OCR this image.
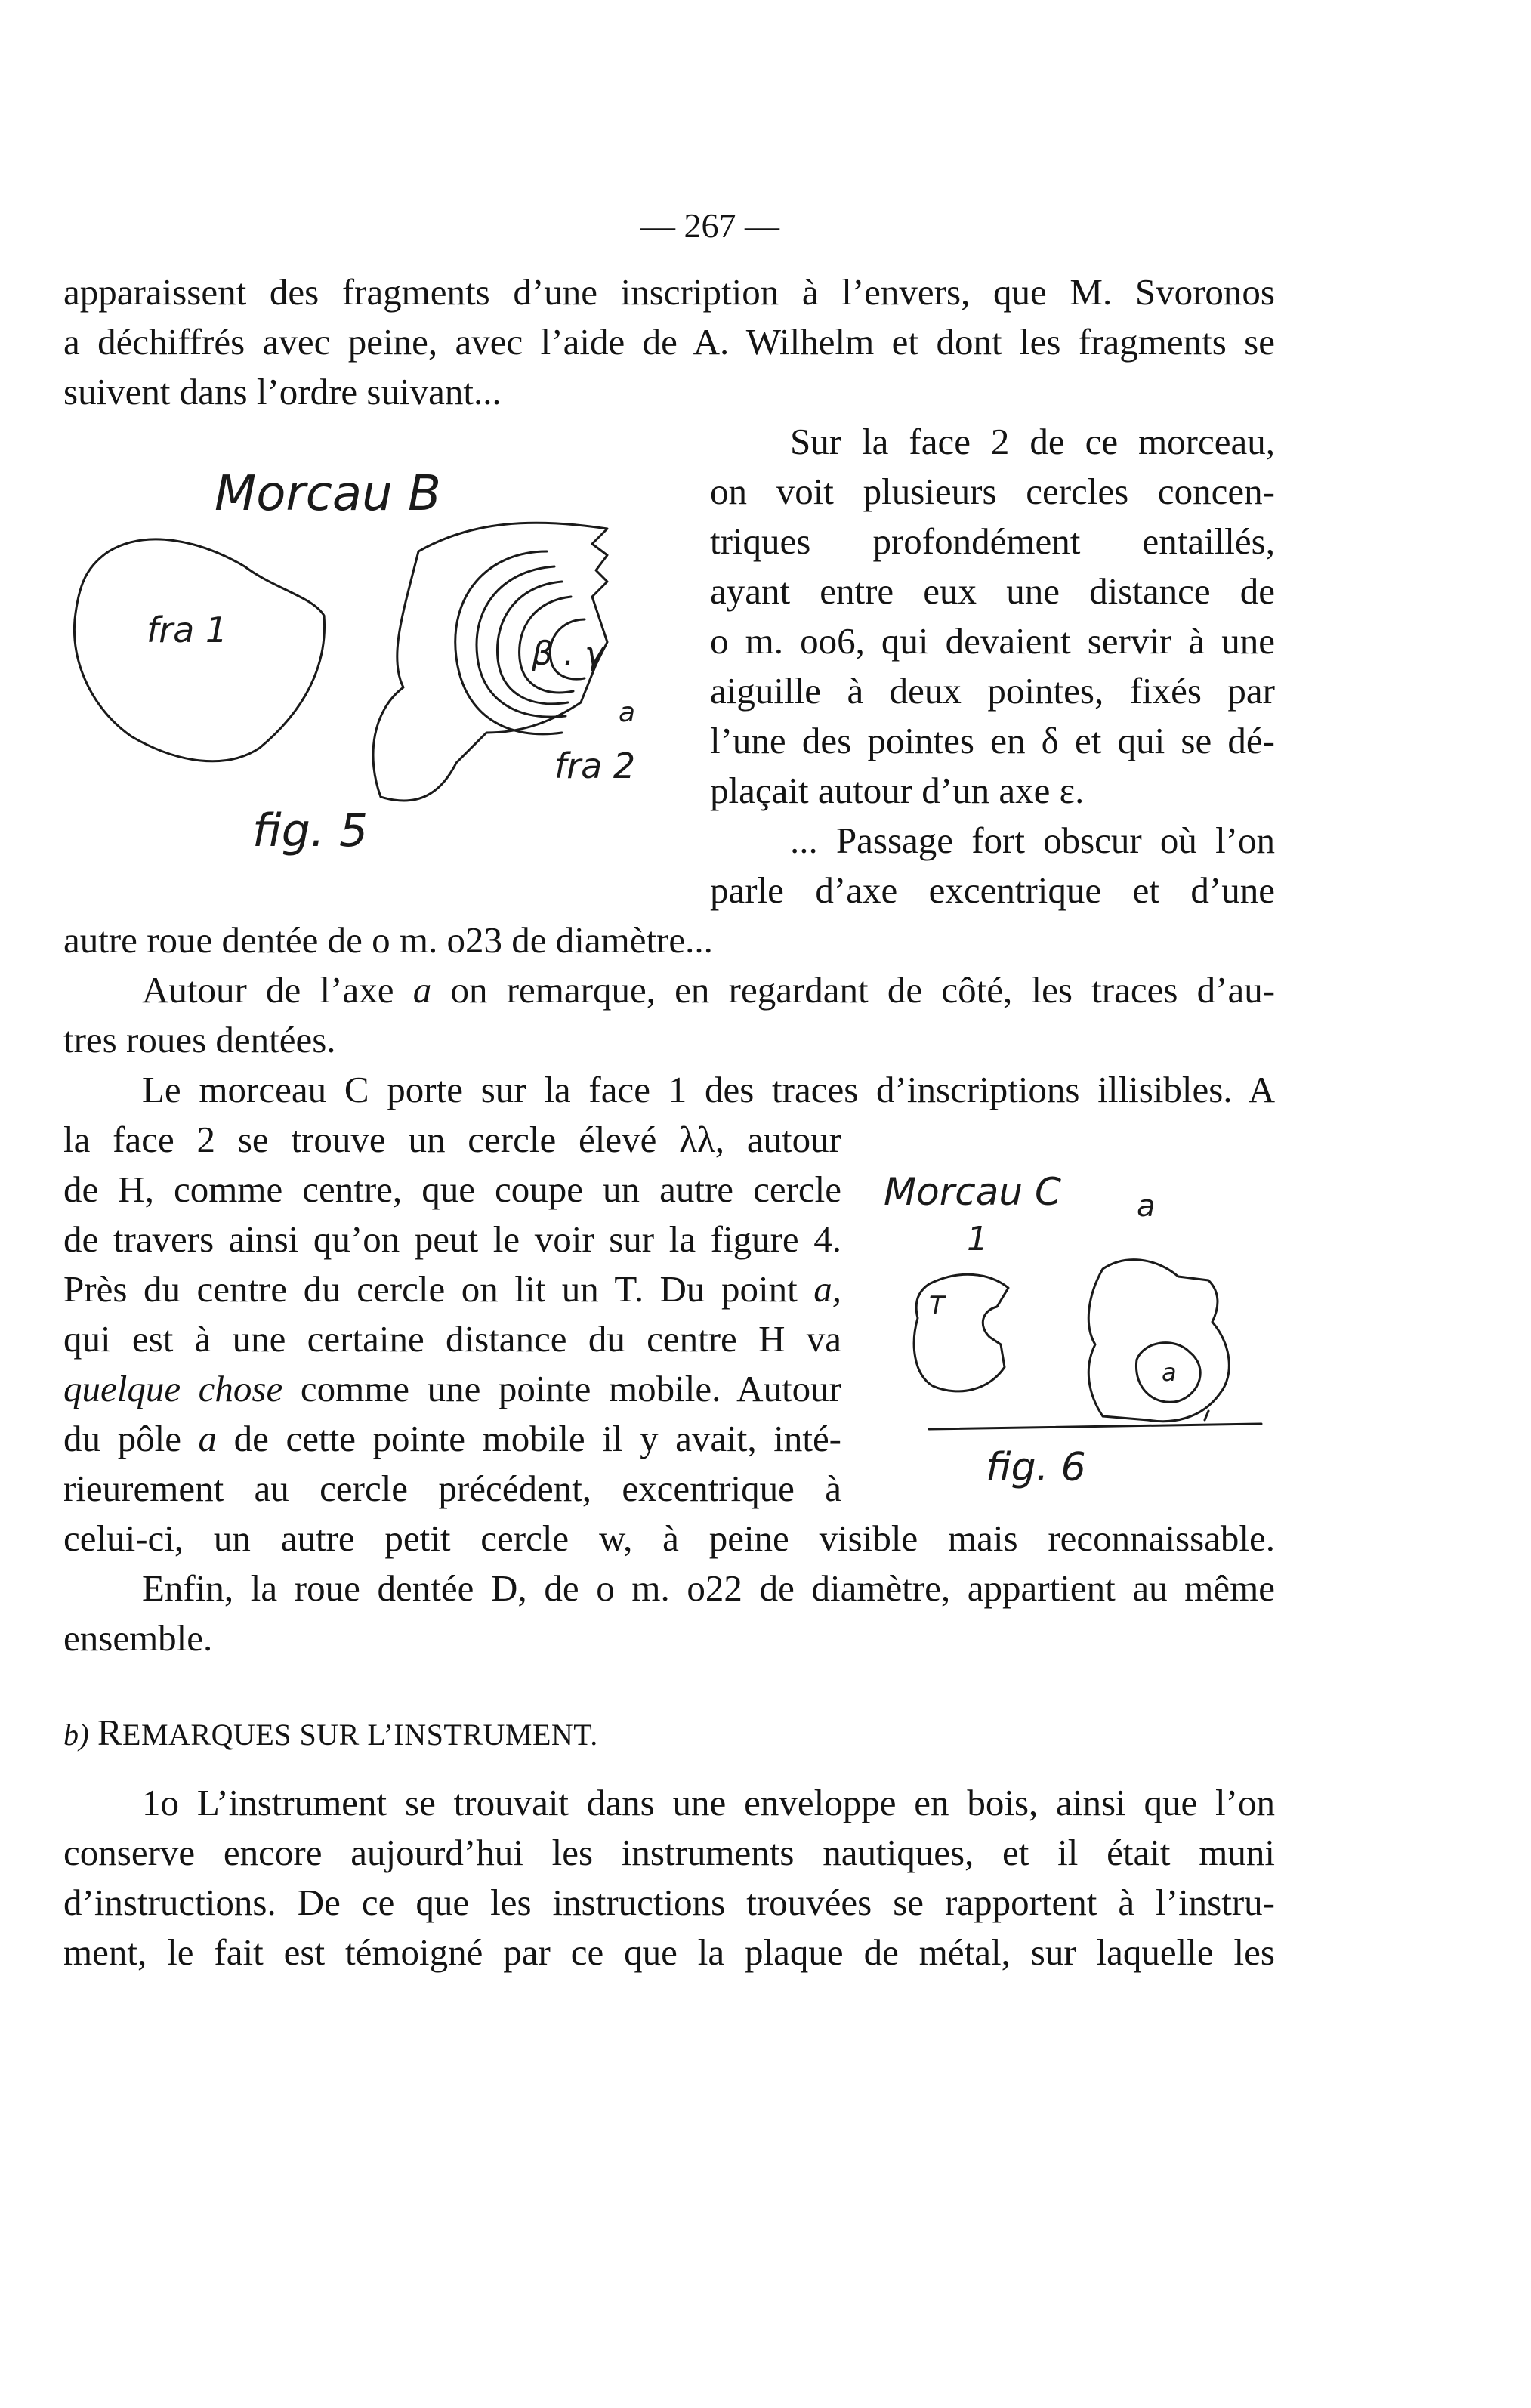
— 267 —
apparaissent des fragments d’une inscription à l’envers, que M. Svoronos
a déchiffrés avec peine, avec l’aide de A. Wilhelm et dont les fragments se
suivent dans l’ordre suivant...
Sur la face 2 de ce morceau,
on voit plusieurs cercles concen-
triques profondément entaillés,
ayant entre eux une distance de
o m. oo6, qui devaient servir à une
aiguille à deux pointes, fixés par
l’une des pointes en δ et qui se dé-
plaçait autour d’un axe ε.
... Passage fort obscur où l’on
parle d’axe excentrique et d’une
autre roue dentée de o m. o23 de diamètre...
Autour de l’axe a on remarque, en regardant de côté, les traces d’au-
tres roues dentées.
Le morceau C porte sur la face 1 des traces d’inscriptions illisibles. A
la face 2 se trouve un cercle élevé λλ, autour
de H, comme centre, que coupe un autre cercle
de travers ainsi qu’on peut le voir sur la figure 4.
Près du centre du cercle on lit un T. Du point a,
qui est à une certaine distance du centre H va
quelque chose comme une pointe mobile. Autour
du pôle a de cette pointe mobile il y avait, inté-
rieurement au cercle précédent, excentrique à
celui-ci, un autre petit cercle w, à peine visible mais reconnaissable.
Enfin, la roue dentée D, de o m. o22 de diamètre, appartient au même
ensemble.
b) REMARQUES SUR L’INSTRUMENT.
1o L’instrument se trouvait dans une enveloppe en bois, ainsi que l’on
conserve encore aujourd’hui les instruments nautiques, et il était muni
d’instructions. De ce que les instructions trouvées se rapportent à l’instru-
ment, le fait est témoigné par ce que la plaque de métal, sur laquelle les
Morcau B
fra 1
β . γ
a
fra 2
fig. 5
Morcau C
1
a
T
a
fig. 6
